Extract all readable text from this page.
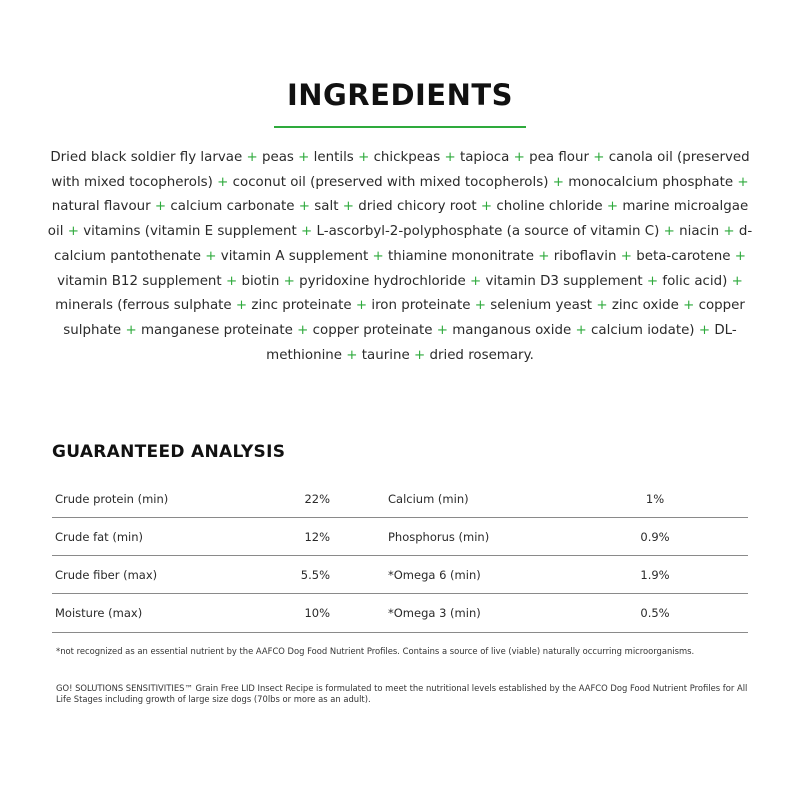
INGREDIENTS

Dried black soldier fly larvae + peas + lentils + chickpeas + tapioca + pea flour + canola oil (preserved with mixed tocopherols) + coconut oil (preserved with mixed tocopherols) + monocalcium phosphate + natural flavour + calcium carbonate + salt + dried chicory root + choline chloride + marine microalgae oil + vitamins (vitamin E supplement + L-ascorbyl-2-polyphosphate (a source of vitamin C) + niacin + d-calcium pantothenate + vitamin A supplement + thiamine mononitrate + riboflavin + beta-carotene + vitamin B12 supplement + biotin + pyridoxine hydrochloride + vitamin D3 supplement + folic acid) + minerals (ferrous sulphate + zinc proteinate + iron proteinate + selenium yeast + zinc oxide + copper sulphate + manganese proteinate + copper proteinate + manganous oxide + calcium iodate) + DL-methionine + taurine + dried rosemary.

GUARANTEED ANALYSIS
Crude protein (min)	22%	Calcium (min)	1%
Crude fat (min)	12%	Phosphorus (min)	0.9%
Crude fiber (max)	5.5%	*Omega 6 (min)	1.9%
Moisture (max)	10%	*Omega 3 (min)	0.5%

*not recognized as an essential nutrient by the AAFCO Dog Food Nutrient Profiles. Contains a source of live (viable) naturally occurring microorganisms.

GO! SOLUTIONS SENSITIVITIES™ Grain Free LID Insect Recipe is formulated to meet the nutritional levels established by the AAFCO Dog Food Nutrient Profiles for All Life Stages including growth of large size dogs (70lbs or more as an adult).
